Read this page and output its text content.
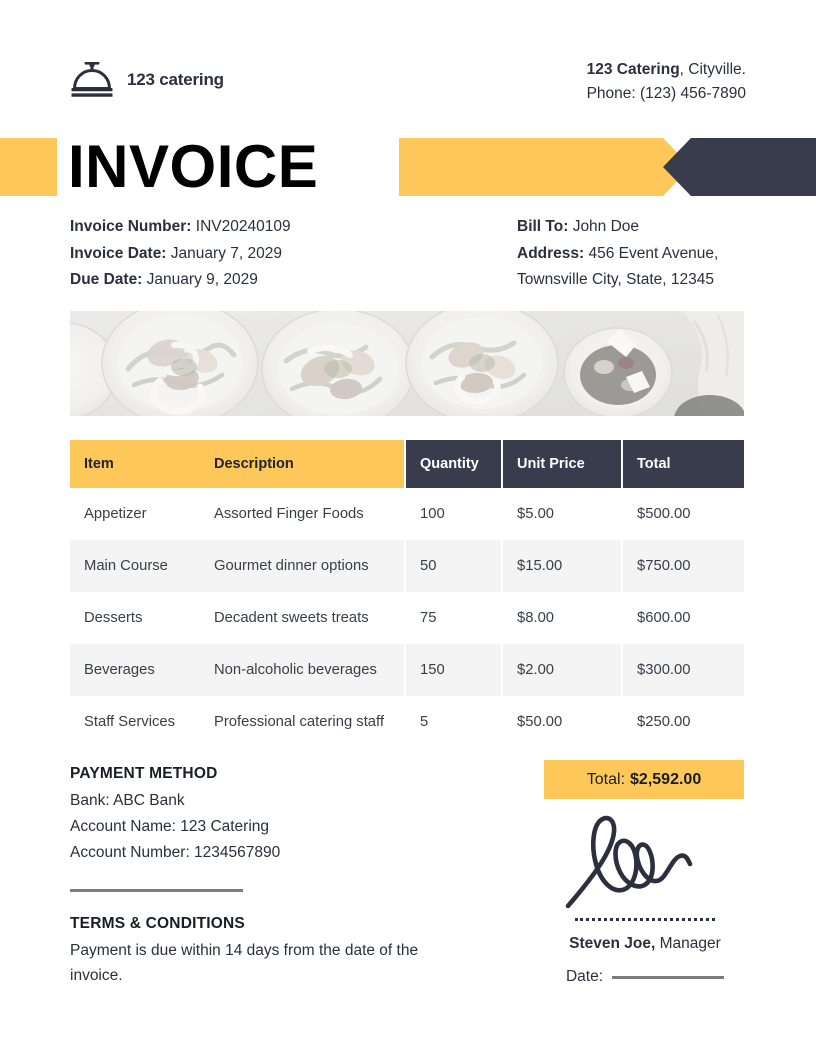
123 catering
123 Catering, Cityville.
Phone: (123) 456-7890
INVOICE
Invoice Number: INV20240109
Invoice Date: January 7, 2029
Due Date: January 9, 2029
Bill To: John Doe
Address: 456 Event Avenue,
Townsville City, State, 12345
Item	Description	Quantity	Unit Price	Total
Appetizer	Assorted Finger Foods	100	$5.00	$500.00
Main Course	Gourmet dinner options	50	$15.00	$750.00
Desserts	Decadent sweets treats	75	$8.00	$600.00
Beverages	Non-alcoholic beverages	150	$2.00	$300.00
Staff Services	Professional catering staff	5	$50.00	$250.00
PAYMENT METHOD
Bank: ABC Bank
Account Name: 123 Catering
Account Number: 1234567890
TERMS & CONDITIONS
Payment is due within 14 days from the date of the invoice.
Total: $2,592.00
Steven Joe, Manager
Date:
